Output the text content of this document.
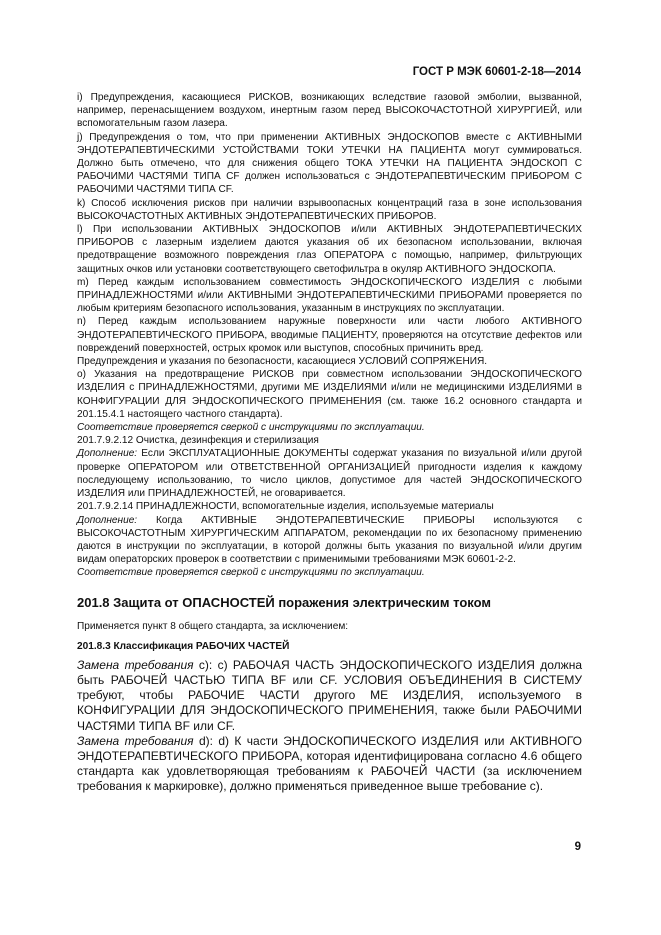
ГОСТ Р МЭК 60601-2-18—2014

i) Предупреждения, касающиеся РИСКОВ, возникающих вследствие газовой эмболии, вызванной, например, перенасыщением воздухом, инертным газом перед ВЫСОКОЧАСТОТНОЙ ХИРУРГИЕЙ, или вспомогательным газом лазера.

j) Предупреждения о том, что при применении АКТИВНЫХ ЭНДОСКОПОВ вместе с АКТИВНЫМИ ЭНДОТЕРАПЕВТИЧЕСКИМИ УСТОЙСТВАМИ ТОКИ УТЕЧКИ НА ПАЦИЕНТА могут суммироваться. Должно быть отмечено, что для снижения общего ТОКА УТЕЧКИ НА ПАЦИЕНТА ЭНДОСКОП С РАБОЧИМИ ЧАСТЯМИ ТИПА CF должен использоваться с ЭНДОТЕРАПЕВТИЧЕСКИМ ПРИБОРОМ С РАБОЧИМИ ЧАСТЯМИ ТИПА CF.

k) Способ исключения рисков при наличии взрывоопасных концентраций газа в зоне использования ВЫСОКОЧАСТОТНЫХ АКТИВНЫХ ЭНДОТЕРАПЕВТИЧЕСКИХ ПРИБОРОВ.

l) При использовании АКТИВНЫХ ЭНДОСКОПОВ и/или АКТИВНЫХ ЭНДОТЕРАПЕВТИЧЕСКИХ ПРИБОРОВ с лазерным изделием даются указания об их безопасном использовании, включая предотвращение возможного повреждения глаз ОПЕРАТОРА с помощью, например, фильтрующих защитных очков или установки соответствующего светофильтра в окуляр АКТИВНОГО ЭНДОСКОПА.

m) Перед каждым использованием совместимость ЭНДОСКОПИЧЕСКОГО ИЗДЕЛИЯ с любыми ПРИНАДЛЕЖНОСТЯМИ и/или АКТИВНЫМИ ЭНДОТЕРАПЕВТИЧЕСКИМИ ПРИБОРАМИ проверяется по любым критериям безопасного использования, указанным в инструкциях по эксплуатации.

n) Перед каждым использованием наружные поверхности или части любого АКТИВНОГО ЭНДОТЕРАПЕВТИЧЕСКОГО ПРИБОРА, вводимые ПАЦИЕНТУ, проверяются на отсутствие дефектов или повреждений поверхностей, острых кромок или выступов, способных причинить вред.

Предупреждения и указания по безопасности, касающиеся УСЛОВИЙ СОПРЯЖЕНИЯ.

о) Указания на предотвращение РИСКОВ при совместном использовании ЭНДОСКОПИЧЕСКОГО ИЗДЕЛИЯ с ПРИНАДЛЕЖНОСТЯМИ, другими МЕ ИЗДЕЛИЯМИ и/или не медицинскими ИЗДЕЛИЯМИ в КОНФИГУРАЦИИ ДЛЯ ЭНДОСКОПИЧЕСКОГО ПРИМЕНЕНИЯ (см. также 16.2 основного стандарта и 201.15.4.1 настоящего частного стандарта).

Соответствие проверяется сверкой с инструкциями по эксплуатации.

201.7.9.2.12 Очистка, дезинфекция и стерилизация

Дополнение: Если ЭКСПЛУАТАЦИОННЫЕ ДОКУМЕНТЫ содержат указания по визуальной и/или другой проверке ОПЕРАТОРОМ или ОТВЕТСТВЕННОЙ ОРГАНИЗАЦИЕЙ пригодности изделия к каждому последующему использованию, то число циклов, допустимое для частей ЭНДОСКОПИЧЕСКОГО ИЗДЕЛИЯ или ПРИНАДЛЕЖНОСТЕЙ, не оговаривается.

201.7.9.2.14 ПРИНАДЛЕЖНОСТИ, вспомогательные изделия, используемые материалы

Дополнение: Когда АКТИВНЫЕ ЭНДОТЕРАПЕВТИЧЕСКИЕ ПРИБОРЫ используются с ВЫСОКОЧАСТОТНЫМ ХИРУРГИЧЕСКИМ АППАРАТОМ, рекомендации по их безопасному применению даются в инструкции по эксплуатации, в которой должны быть указания по визуальной и/или другим видам операторских проверок в соответствии с применимыми требованиями МЭК 60601-2-2.

Соответствие проверяется сверкой с инструкциями по эксплуатации.

201.8 Защита от ОПАСНОСТЕЙ поражения электрическим током

Применяется пункт 8 общего стандарта, за исключением:

201.8.3 Классификация РАБОЧИХ ЧАСТЕЙ

Замена требования с): с) РАБОЧАЯ ЧАСТЬ ЭНДОСКОПИЧЕСКОГО ИЗДЕЛИЯ должна быть РАБОЧЕЙ ЧАСТЬЮ ТИПА BF или CF. УСЛОВИЯ ОБЪЕДИНЕНИЯ В СИСТЕМУ требуют, чтобы РАБОЧИЕ ЧАСТИ другого МЕ ИЗДЕЛИЯ, используемого в КОНФИГУРАЦИИ ДЛЯ ЭНДОСКОПИЧЕСКОГО ПРИМЕНЕНИЯ, также были РАБОЧИМИ ЧАСТЯМИ ТИПА BF или CF.

Замена требования d): d) К части ЭНДОСКОПИЧЕСКОГО ИЗДЕЛИЯ или АКТИВНОГО ЭНДОТЕРАПЕВТИЧЕСКОГО ПРИБОРА, которая идентифицирована согласно 4.6 общего стандарта как удовлетворяющая требованиям к РАБОЧЕЙ ЧАСТИ (за исключением требования к маркировке), должно применяться приведенное выше требование с).

9
